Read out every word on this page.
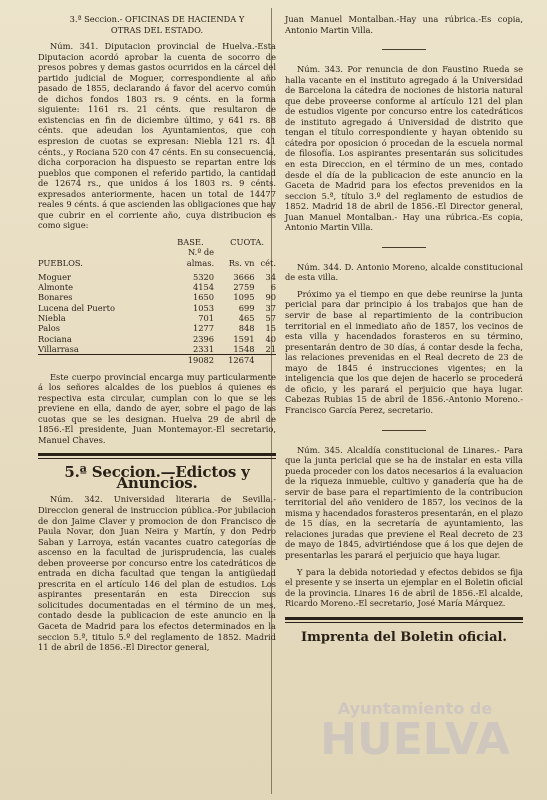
3.ª Seccion.- OFICINAS DE HACIENDA Y
OTRAS DEL ESTADO.

Núm. 341. Diputacion provincial de Huelva.-Esta Diputacion acordó aprobar la cuenta de socorro de presos pobres y demas gastos ocurridos en la cárcel del partido judicial de Moguer, correspondiente al año pasado de 1855, declarando á favor del acervo común de dichos fondos 1803 rs. 9 cénts. en la forma siguiente: 1161 rs. 21 cénts. que resultaron de existencias en fin de diciembre último, y 641 rs. 88 cénts. que adeudan los Ayuntamientos, que con espresion de cuotas se expresan: Niebla 121 rs. 41 cénts., y Rociana 520 con 47 cénts. En su consecuencia, dicha corporacion ha dispuesto se repartan entre los pueblos que componen el referido partido, la cantidad de 12674 rs., que unidos á los 1803 rs. 9 cénts. expresados anteriormente, hacen un total de 14477 reales 9 cénts. á que ascienden las obligaciones que hay que cubrir en el corriente año, cuya distribucion es como sigue:

	BASE.	CUOTA.	
	N.º de		
PUEBLOS.	almas.	Rs. vn	cét.

Moguer	5320	3666	34
Almonte	4154	2759	6
Bonares	1650	1095	90
Lucena del Puerto	1053	699	37
Niebla	701	465	57
Palos	1277	848	15
Rociana	2396	1591	40
Villarrasa	2331	1548	21
	19082	12674	

Este cuerpo provincial encarga muy particularmente á los señores alcaldes de los pueblos á quienes es respectiva esta circular, cumplan con lo que se les previene en ella, dando de ayer, sobre el pago de las cuotas que se les designan. Huelva 29 de abril de 1856.-El presidente, Juan Montemayor.-El secretario, Manuel Chaves.

5.ª Seccion.—Edictos y Anuncios.

Núm. 342. Universidad literaria de Sevilla.- Direccion general de instruccion pública.-Por jubilacion de don Jaime Claver y promocion de don Francisco de Paula Novar, don Juan Neira y Martín, y don Pedro Saban y Larroya, están vacantes cuatro categorías de ascenso en la facultad de jurisprudencia, las cuales deben proveerse por concurso entre los catedráticos de entrada en dicha facultad que tengan la antigüedad prescrita en el artículo 146 del plan de estudios. Los aspirantes presentarán en esta Direccion sus solicitudes documentadas en el término de un mes, contado desde la publicacion de este anuncio en la Gaceta de Madrid para los efectos determinados en la seccion 5.ª, titulo 5.º del reglamento de 1852. Madrid 11 de abril de 1856.-El Director general,

Juan Manuel Montalban.-Hay una rúbrica.-Es copia, Antonio Martin Villa.

Núm. 343. Por renuncia de don Faustino Rueda se halla vacante en el instituto agregado á la Universidad de Barcelona la cátedra de nociones de historia natural que debe proveerse conforme al artículo 121 del plan de estudios vigente por concurso entre los catedráticos de instituto agregado á Universidad de distrito que tengan el título correspondiente y hayan obtenido su cátedra por oposicion ó procedan de la escuela normal de filosofía. Los aspirantes presentarán sus solicitudes en esta Direccion, en el término de un mes, contado desde el día de la publicacion de este anuncio en la Gaceta de Madrid para los efectos prevenidos en la seccion 5.ª, título 3.º del reglamento de estudios de 1852. Madrid 18 de abril de 1856.-El Director general, Juan Manuel Montalban.- Hay una rúbrica.-Es copia, Antonio Martin Villa.

Núm. 344. D. Antonio Moreno, alcalde constitucional de esta villa.

Próximo ya el tiempo en que debe reunirse la junta pericial para dar principio á los trabajos que han de servir de base al repartimiento de la contribucion territorial en el inmediato año de 1857, los vecinos de esta villa y hacendados forasteros en su término, presentarán dentro de 30 días, á contar desde la fecha, las relaciones prevenidas en el Real decreto de 23 de mayo de 1845 é instrucciones vigentes; en la inteligencia que los que dejen de hacerlo se procederá de oficio, y les parará el perjuicio que haya lugar. Cabezas Rubias 15 de abril de 1856.-Antonio Moreno.- Francisco García Perez, secretario.

Núm. 345. Alcaldía constitucional de Linares.- Para que la junta pericial que se ha de instalar en esta villa pueda proceder con los datos necesarios á la evaluacion de la riqueza inmueble, cultivo y ganadería que ha de servir de base para el repartimiento de la contribucion territorial del año venidero de 1857, los vecinos de la misma y hacendados forasteros presentarán, en el plazo de 15 días, en la secretaría de ayuntamiento, las relaciones juradas que previene el Real decreto de 23 de mayo de 1845, advirtiéndose que á los que dejen de presentarlas les parará el perjuicio que haya lugar.

Y para la debida notoriedad y efectos debidos se fija el presente y se inserta un ejemplar en el Boletin oficial de la provincia. Linares 16 de abril de 1856.-El alcalde, Ricardo Moreno.-El secretario, José María Márquez.

Imprenta del Boletin oficial.
Ayuntamiento de
HUELVA
